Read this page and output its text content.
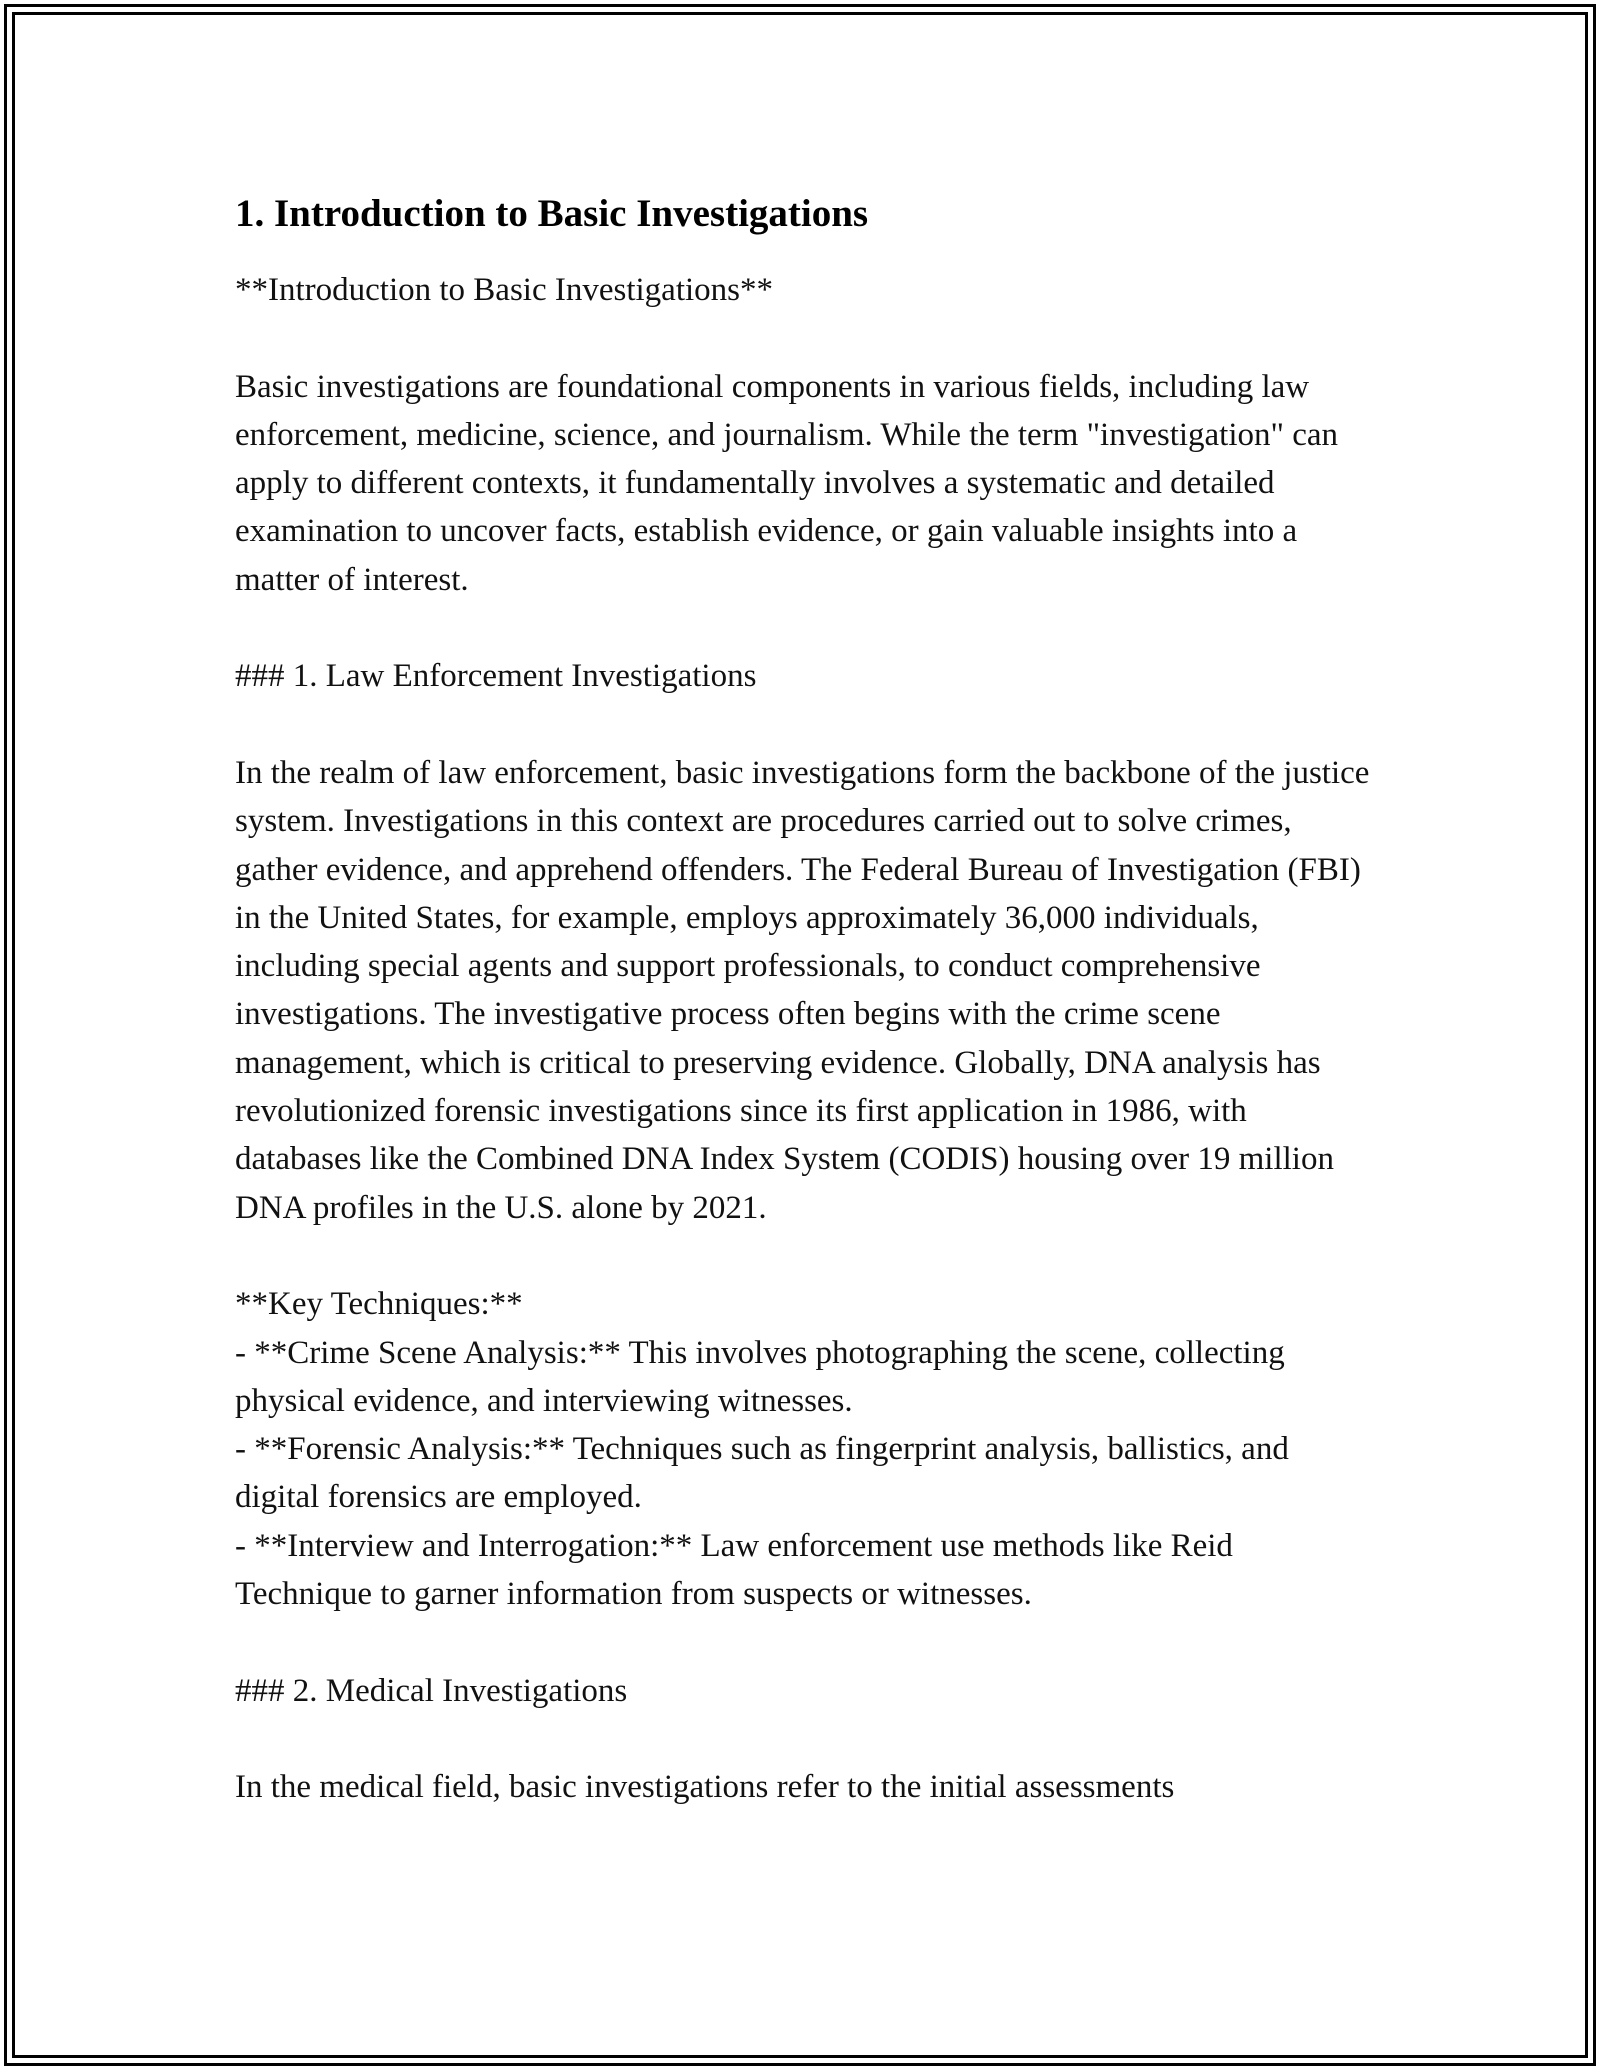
1. Introduction to Basic Investigations

**Introduction to Basic Investigations**

Basic investigations are foundational components in various fields, including law enforcement, medicine, science, and journalism. While the term "investigation" can apply to different contexts, it fundamentally involves a systematic and detailed examination to uncover facts, establish evidence, or gain valuable insights into a matter of interest.

### 1. Law Enforcement Investigations

In the realm of law enforcement, basic investigations form the backbone of the justice system. Investigations in this context are procedures carried out to solve crimes, gather evidence, and apprehend offenders. The Federal Bureau of Investigation (FBI) in the United States, for example, employs approximately 36,000 individuals, including special agents and support professionals, to conduct comprehensive investigations. The investigative process often begins with the crime scene management, which is critical to preserving evidence. Globally, DNA analysis has revolutionized forensic investigations since its first application in 1986, with databases like the Combined DNA Index System (CODIS) housing over 19 million DNA profiles in the U.S. alone by 2021.

**Key Techniques:**

- **Crime Scene Analysis:** This involves photographing the scene, collecting physical evidence, and interviewing witnesses.

- **Forensic Analysis:** Techniques such as fingerprint analysis, ballistics, and digital forensics are employed.

- **Interview and Interrogation:** Law enforcement use methods like Reid Technique to garner information from suspects or witnesses.

### 2. Medical Investigations

In the medical field, basic investigations refer to the initial assessments
